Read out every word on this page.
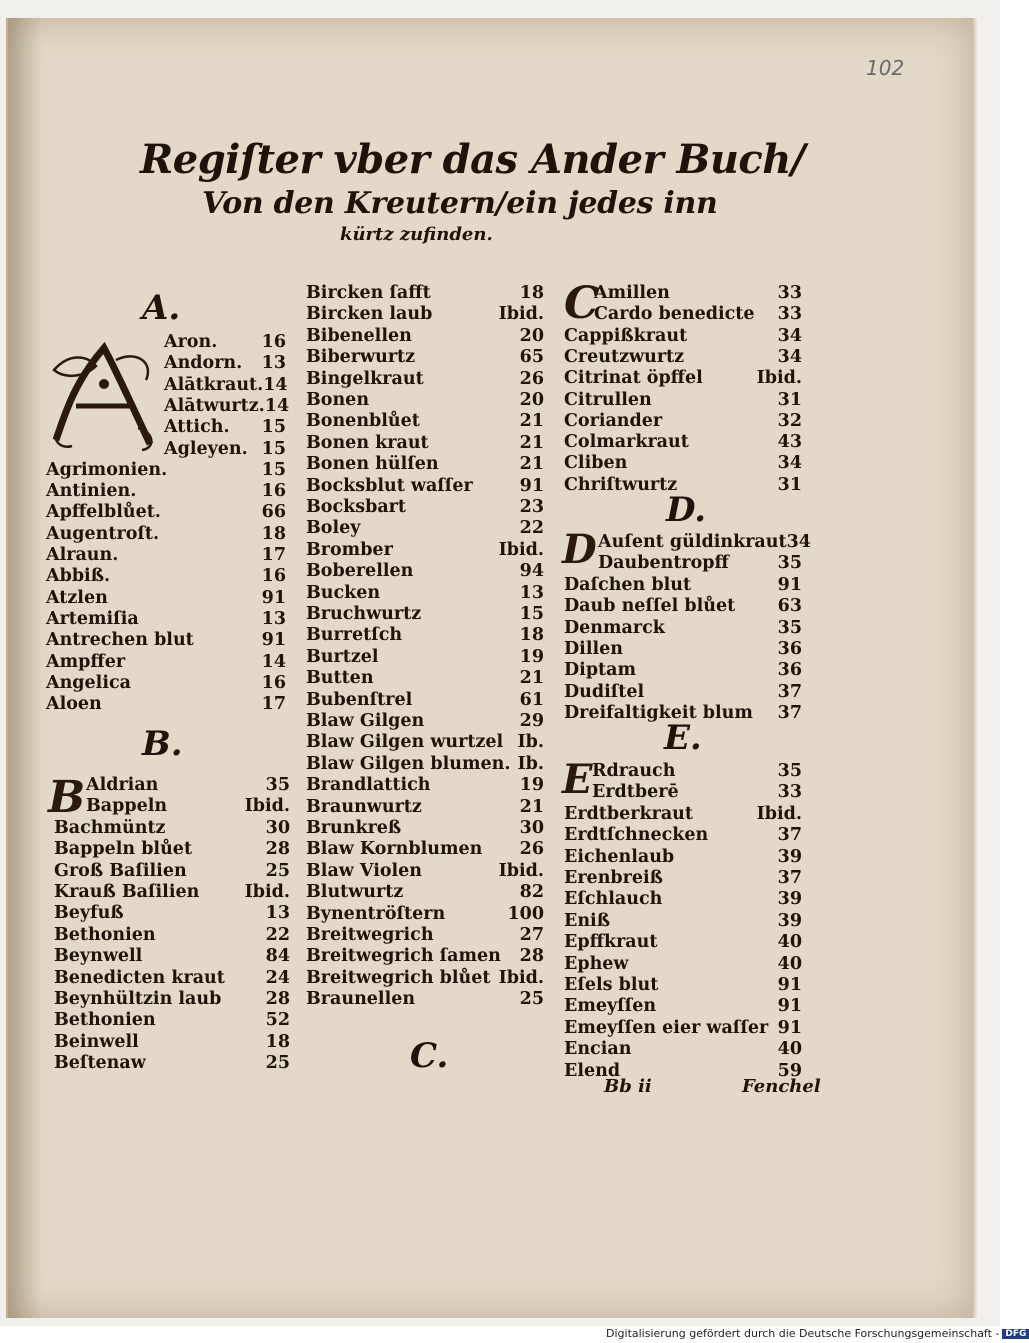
102
Regiſter vber das Ander Buch/
Von den Kreutern/ein jedes inn
kürtz zufinden.
A.
B.
D.
E.
Aron.	16
Andorn. 13
Alātkraut. 14
Alātwurtz. 14
Attich. 15
Agleyen. 15
Agrimonien.	15
Antinien.	16
Apffelblůet.	66
Augentroſt.	18
Alraun.	17
Abbiß.	16
Atzlen	91
Artemiſia	13
Antrechen blut	91
Ampffer	14
Angelica	16
Aloen	17
Aldrian	35
Bappeln	Ibid.
Bachmüntz	30
Bappeln blůet	28
Groß Baſilien	25
Krauß Baſilien	Ibid.
Beyfuß	13
Bethonien	22
Beynwell	84
Benedicten kraut 24
Beynhültzin laub	28
Bethonien	52
Beinwell	18
Beſtenaw	25
B
Bircken ſafft	18
Bircken laub	Ibid.
Bibenellen	20
Biberwurtz	65
Bingelkraut	26
Bonen	20
Bonenblůet	21
Bonen kraut	21
Bonen hülſen	21
Bocksblut waſſer	91
Bocksbart	23
Boley	22
Bromber	Ibid.
Boberellen	94
Bucken	13
Bruchwurtz	15
Burretſch	18
Burtzel	19
Butten	21
Bubenſtrel	61
Blaw Gilgen	29
Blaw Gilgen wurtzel Ib.
Blaw Gilgen blumen. Ib.
Brandlattich	19
Braunwurtz	21
Brunkreß	30
Blaw Kornblumen 26
Blaw Violen	Ibid.
Blutwurtz	82
Bynentröſtern	100
Breitwegrich	27
Breitwegrich ſamen 28
Breitwegrich blůet Ibid.
Braunellen	25
C.
C
Amillen	33
Cardo benedicte 33
Cappißkraut	34
Creutzwurtz	34
Citrinat öpffel	Ibid.
Citrullen	31
Coriander	32
Colmarkraut	43
Cliben	34
Chriſtwurtz	31
D Auſent güldinkraut 34
Daubentropff	35
Daſchen blut	91
Daub neſſel blůet 63
Denmarck	35
Dillen	36
Diptam	36
Dudiſtel	37
Dreifaltigkeit blum 37
E Rdrauch	35
Erdtberē	33
Erdtberkraut	Ibid.
Erdtſchnecken	37
Eichenlaub	39
Erenbreiß	37
Eſchlauch	39
Eniß	39
Epffkraut	40
Ephew	40
Eſels blut	91
Emeyſſen	91
Emeyſſen eier waſſer 91
Encian	40
Elend	59
Bb ii	Fenchel
Digitalisierung gefördert durch die Deutsche Forschungsgemeinschaft - DFG
